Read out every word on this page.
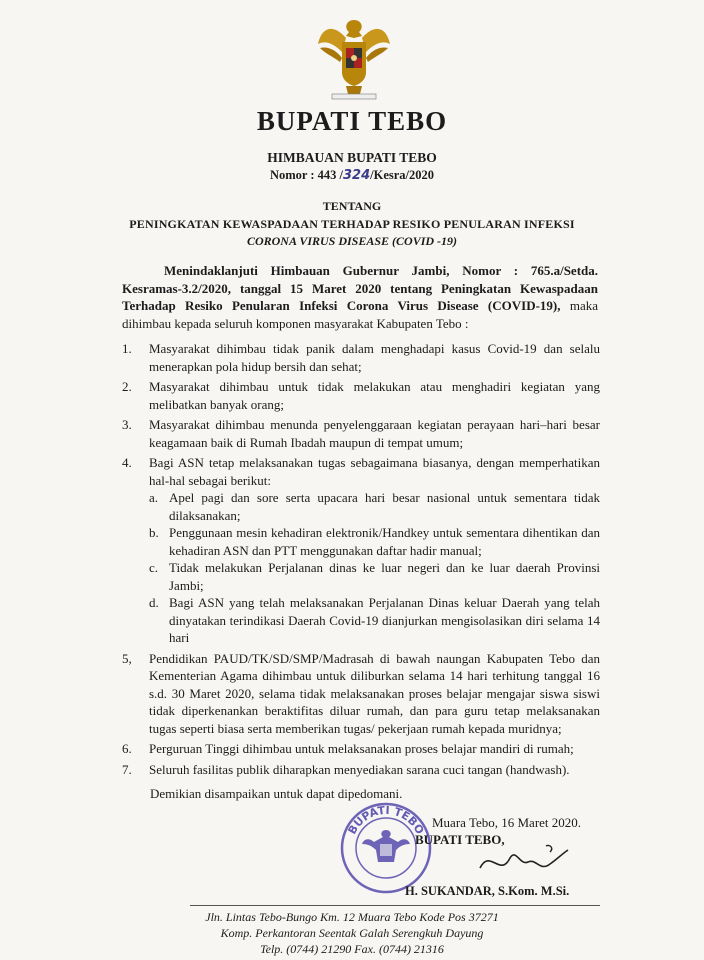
BUPATI TEBO
HIMBAUAN BUPATI TEBO
Nomor : 443 /324/Kesra/2020
TENTANG
PENINGKATAN KEWASPADAAN TERHADAP RESIKO PENULARAN INFEKSI
CORONA VIRUS DISEASE (COVID -19)
Menindaklanjuti Himbauan Gubernur Jambi, Nomor : 765.a/Setda. Kesramas-3.2/2020, tanggal 15 Maret 2020 tentang Peningkatan Kewaspadaan Terhadap Resiko Penularan Infeksi Corona Virus Disease (COVID-19), maka dihimbau kepada seluruh komponen masyarakat Kabupaten Tebo :
1. Masyarakat dihimbau tidak panik dalam menghadapi kasus Covid-19 dan selalu menerapkan pola hidup bersih dan sehat;
2. Masyarakat dihimbau untuk tidak melakukan atau menghadiri kegiatan yang melibatkan banyak orang;
3. Masyarakat dihimbau menunda penyelenggaraan kegiatan perayaan hari–hari besar keagamaan baik di Rumah Ibadah maupun di tempat umum;
4. Bagi ASN tetap melaksanakan tugas sebagaimana biasanya, dengan memperhatikan hal-hal sebagai berikut:
a. Apel pagi dan sore serta upacara hari besar nasional untuk sementara tidak dilaksanakan;
b. Penggunaan mesin kehadiran elektronik/Handkey untuk sementara dihentikan dan kehadiran ASN dan PTT menggunakan daftar hadir manual;
c. Tidak melakukan Perjalanan dinas ke luar negeri dan ke luar daerah Provinsi Jambi;
d. Bagi ASN yang telah melaksanakan Perjalanan Dinas keluar Daerah yang telah dinyatakan terindikasi Daerah Covid-19 dianjurkan mengisolasikan diri selama 14 hari
5, Pendidikan PAUD/TK/SD/SMP/Madrasah di bawah naungan Kabupaten Tebo dan Kementerian Agama dihimbau untuk diliburkan selama 14 hari terhitung tanggal 16 s.d. 30 Maret 2020, selama tidak melaksanakan proses belajar mengajar siswa siswi tidak diperkenankan beraktifitas diluar rumah, dan para guru tetap melaksanakan tugas seperti biasa serta memberikan tugas/ pekerjaan rumah kepada muridnya;
6. Perguruan Tinggi dihimbau untuk melaksanakan proses belajar mandiri di rumah;
7. Seluruh fasilitas publik diharapkan menyediakan sarana cuci tangan (handwash).
Demikian disampaikan untuk dapat dipedomani.
BUPATI TEBO Muara Tebo, 16 Maret 2020.
BUPATI TEBO,
H. SUKANDAR, S.Kom. M.Si.
Jln. Lintas Tebo-Bungo Km. 12 Muara Tebo Kode Pos 37271
Komp. Perkantoran Seentak Galah Serengkuh Dayung
Telp. (0744) 21290 Fax. (0744) 21316
